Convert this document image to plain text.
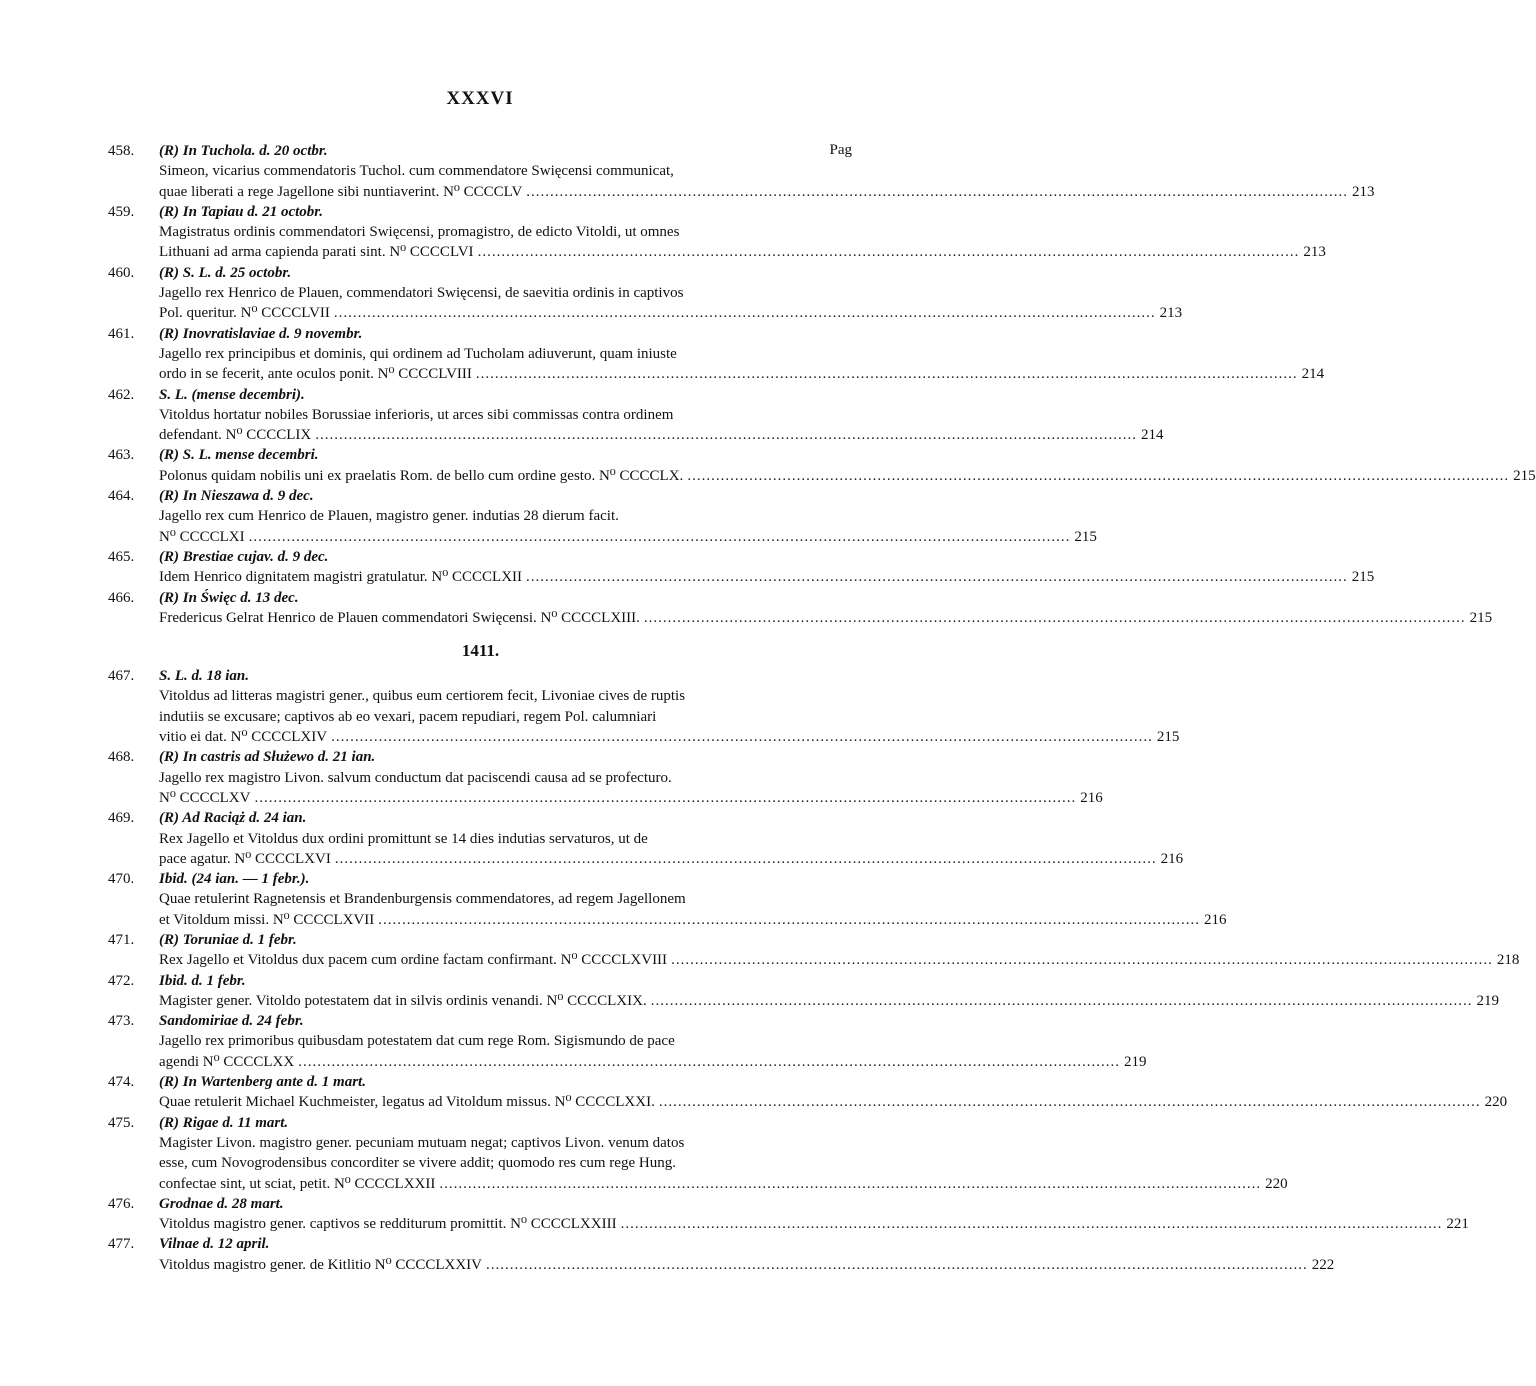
XXXVI
Pag
458.	(R) In Tuchola. d. 20 octbr.
Simeon, vicarius commendatoris Tuchol. cum commendatore Swięcensi communicat,
quae liberati a rege Jagellone sibi nuntiaverint. N⁰ CCCCLV ............................................................................................................................................................................. 213
459.	(R) In Tapiau d. 21 octobr.
Magistratus ordinis commendatori Swięcensi, promagistro, de edicto Vitoldi, ut omnes
Lithuani ad arma capienda parati sint. N⁰ CCCCLVI ............................................................................................................................................................................. 213
460.	(R) S. L. d. 25 octobr.
Jagello rex Henrico de Plauen, commendatori Swięcensi, de saevitia ordinis in captivos
Pol. queritur. N⁰ CCCCLVII ............................................................................................................................................................................. 213
461.	(R) Inovratislaviae d. 9 novembr.
Jagello rex principibus et dominis, qui ordinem ad Tucholam adiuverunt, quam iniuste
ordo in se fecerit, ante oculos ponit. N⁰ CCCCLVIII ............................................................................................................................................................................. 214
462.	S. L. (mense decembri).
Vitoldus hortatur nobiles Borussiae inferioris, ut arces sibi commissas contra ordinem
defendant. N⁰ CCCCLIX ............................................................................................................................................................................. 214
463.	(R) S. L. mense decembri.
Polonus quidam nobilis uni ex praelatis Rom. de bello cum ordine gesto. N⁰ CCCCLX. ............................................................................................................................................................................. 215
464.	(R) In Nieszawa d. 9 dec.
Jagello rex cum Henrico de Plauen, magistro gener. indutias 28 dierum facit.
N⁰ CCCCLXI ............................................................................................................................................................................. 215
465.	(R) Brestiae cujav. d. 9 dec.
Idem Henrico dignitatem magistri gratulatur. N⁰ CCCCLXII ............................................................................................................................................................................. 215
466.	(R) In Święc d. 13 dec.
Fredericus Gelrat Henrico de Plauen commendatori Swięcensi. N⁰ CCCCLXIII. ............................................................................................................................................................................. 215
1411.
467.	S. L. d. 18 ian.
Vitoldus ad litteras magistri gener., quibus eum certiorem fecit, Livoniae cives de ruptis
indutiis se excusare; captivos ab eo vexari, pacem repudiari, regem Pol. calumniari
vitio ei dat. N⁰ CCCCLXIV ............................................................................................................................................................................. 215
468.	(R) In castris ad Służewo d. 21 ian.
Jagello rex magistro Livon. salvum conductum dat paciscendi causa ad se profecturo.
N⁰ CCCCLXV ............................................................................................................................................................................. 216
469.	(R) Ad Raciąż d. 24 ian.
Rex Jagello et Vitoldus dux ordini promittunt se 14 dies indutias servaturos, ut de
pace agatur. N⁰ CCCCLXVI ............................................................................................................................................................................. 216
470.	Ibid. (24 ian. — 1 febr.).
Quae retulerint Ragnetensis et Brandenburgensis commendatores, ad regem Jagellonem
et Vitoldum missi. N⁰ CCCCLXVII ............................................................................................................................................................................. 216
471.	(R) Toruniae d. 1 febr.
Rex Jagello et Vitoldus dux pacem cum ordine factam confirmant. N⁰ CCCCLXVIII ............................................................................................................................................................................. 218
472.	Ibid. d. 1 febr.
Magister gener. Vitoldo potestatem dat in silvis ordinis venandi. N⁰ CCCCLXIX. ............................................................................................................................................................................. 219
473.	Sandomiriae d. 24 febr.
Jagello rex primoribus quibusdam potestatem dat cum rege Rom. Sigismundo de pace
agendi N⁰ CCCCLXX ............................................................................................................................................................................. 219
474.	(R) In Wartenberg ante d. 1 mart.
Quae retulerit Michael Kuchmeister, legatus ad Vitoldum missus. N⁰ CCCCLXXI. ............................................................................................................................................................................. 220
475.	(R) Rigae d. 11 mart.
Magister Livon. magistro gener. pecuniam mutuam negat; captivos Livon. venum datos
esse, cum Novogrodensibus concorditer se vivere addit; quomodo res cum rege Hung.
confectae sint, ut sciat, petit. N⁰ CCCCLXXII ............................................................................................................................................................................. 220
476.	Grodnae d. 28 mart.
Vitoldus magistro gener. captivos se redditurum promittit. N⁰ CCCCLXXIII ............................................................................................................................................................................. 221
477.	Vilnae d. 12 april.
Vitoldus magistro gener. de Kitlitio N⁰ CCCCLXXIV ............................................................................................................................................................................. 222
